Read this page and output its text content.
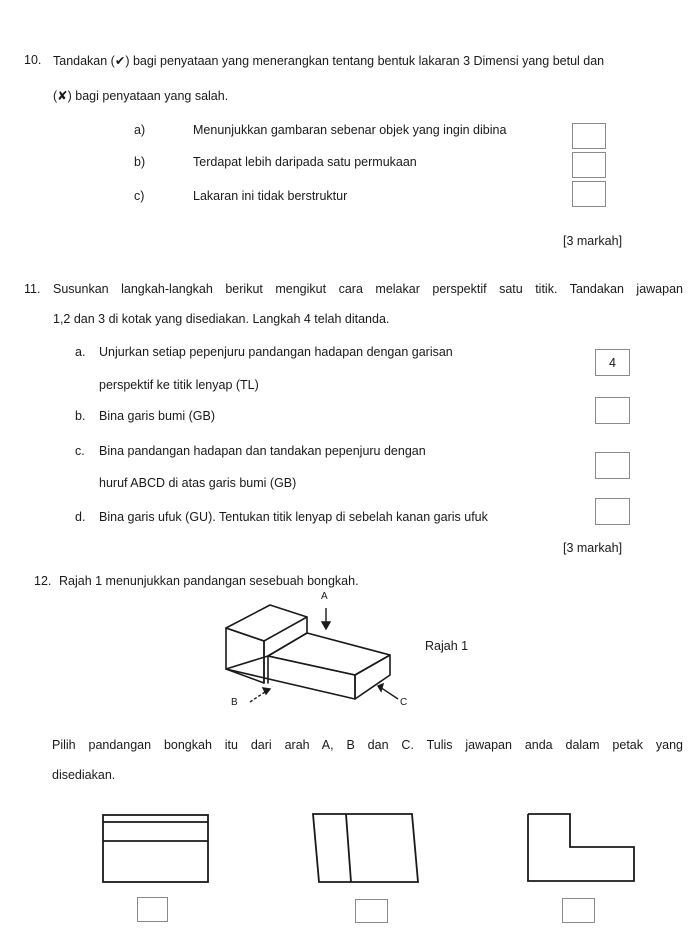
10. Tandakan (✔) bagi penyataan yang menerangkan tentang bentuk lakaran 3 Dimensi yang betul dan
(✘) bagi penyataan yang salah.
a)	Menunjukkan gambaran sebenar objek yang ingin dibina
b)	Terdapat lebih daripada satu permukaan
c)	Lakaran ini tidak berstruktur
[3 markah]
11. Susunkan langkah-langkah berikut mengikut cara melakar perspektif satu titik. Tandakan jawapan
1,2 dan 3 di kotak yang disediakan. Langkah 4 telah ditanda.
a. Unjurkan setiap pepenjuru pandangan hadapan dengan garisan
perspektif ke titik lenyap (TL)
4
b. Bina garis bumi (GB)
c. Bina pandangan hadapan dan tandakan pepenjuru dengan
huruf ABCD di atas garis bumi (GB)
d. Bina garis ufuk (GU). Tentukan titik lenyap di sebelah kanan garis ufuk
[3 markah]
12. Rajah 1 menunjukkan pandangan sesebuah bongkah.
A
B	C
Rajah 1
Pilih pandangan bongkah itu dari arah A, B dan C. Tulis jawapan anda dalam petak yang
disediakan.
